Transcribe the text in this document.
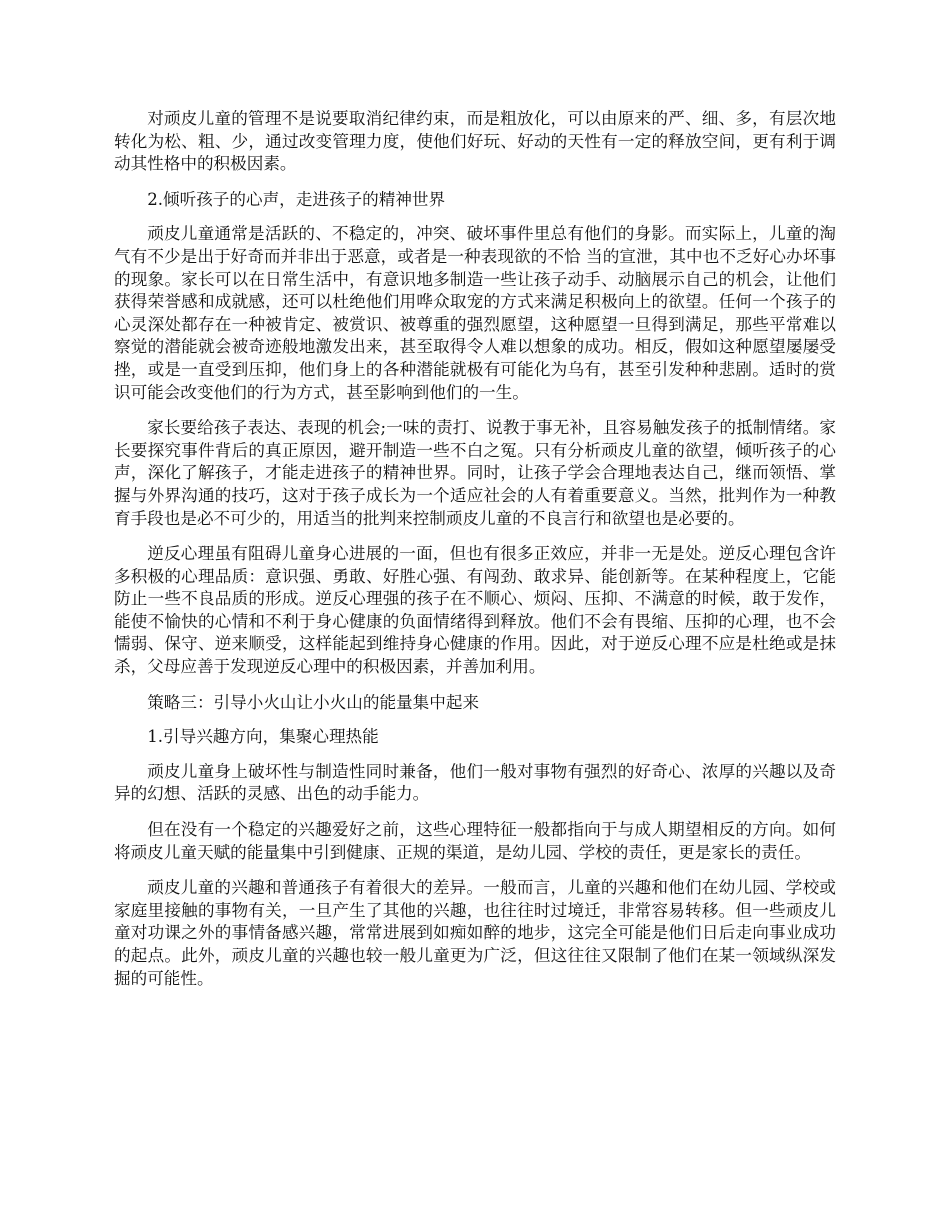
对顽皮儿童的管理不是说要取消纪律约束，而是粗放化，可以由原来的严、细、多，有层次地转化为松、粗、少，通过改变管理力度，使他们好玩、好动的天性有一定的释放空间，更有利于调动其性格中的积极因素。

2.倾听孩子的心声，走进孩子的精神世界

顽皮儿童通常是活跃的、不稳定的，冲突、破坏事件里总有他们的身影。而实际上，儿童的淘气有不少是出于好奇而并非出于恶意，或者是一种表现欲的不恰 当的宣泄，其中也不乏好心办坏事的现象。家长可以在日常生活中，有意识地多制造一些让孩子动手、动脑展示自己的机会，让他们获得荣誉感和成就感，还可以杜绝他们用哗众取宠的方式来满足积极向上的欲望。任何一个孩子的心灵深处都存在一种被肯定、被赏识、被尊重的强烈愿望，这种愿望一旦得到满足，那些平常难以察觉的潜能就会被奇迹般地激发出来，甚至取得令人难以想象的成功。相反，假如这种愿望屡屡受挫，或是一直受到压抑，他们身上的各种潜能就极有可能化为乌有，甚至引发种种悲剧。适时的赏识可能会改变他们的行为方式，甚至影响到他们的一生。

家长要给孩子表达、表现的机会;一味的责打、说教于事无补，且容易触发孩子的抵制情绪。家长要探究事件背后的真正原因，避开制造一些不白之冤。只有分析顽皮儿童的欲望，倾听孩子的心声，深化了解孩子，才能走进孩子的精神世界。同时，让孩子学会合理地表达自己，继而领悟、掌握与外界沟通的技巧，这对于孩子成长为一个适应社会的人有着重要意义。当然，批判作为一种教育手段也是必不可少的，用适当的批判来控制顽皮儿童的不良言行和欲望也是必要的。

逆反心理虽有阻碍儿童身心进展的一面，但也有很多正效应，并非一无是处。逆反心理包含许多积极的心理品质：意识强、勇敢、好胜心强、有闯劲、敢求异、能创新等。在某种程度上，它能防止一些不良品质的形成。逆反心理强的孩子在不顺心、烦闷、压抑、不满意的时候，敢于发作，能使不愉快的心情和不利于身心健康的负面情绪得到释放。他们不会有畏缩、压抑的心理，也不会懦弱、保守、逆来顺受，这样能起到维持身心健康的作用。因此，对于逆反心理不应是杜绝或是抹杀，父母应善于发现逆反心理中的积极因素，并善加利用。

策略三：引导小火山让小火山的能量集中起来

1.引导兴趣方向，集聚心理热能

顽皮儿童身上破坏性与制造性同时兼备，他们一般对事物有强烈的好奇心、浓厚的兴趣以及奇异的幻想、活跃的灵感、出色的动手能力。

但在没有一个稳定的兴趣爱好之前，这些心理特征一般都指向于与成人期望相反的方向。如何将顽皮儿童天赋的能量集中引到健康、正规的渠道，是幼儿园、学校的责任，更是家长的责任。

顽皮儿童的兴趣和普通孩子有着很大的差异。一般而言，儿童的兴趣和他们在幼儿园、学校或家庭里接触的事物有关，一旦产生了其他的兴趣，也往往时过境迁，非常容易转移。但一些顽皮儿童对功课之外的事情备感兴趣，常常进展到如痴如醉的地步，这完全可能是他们日后走向事业成功的起点。此外，顽皮儿童的兴趣也较一般儿童更为广泛，但这往往又限制了他们在某一领域纵深发掘的可能性。
